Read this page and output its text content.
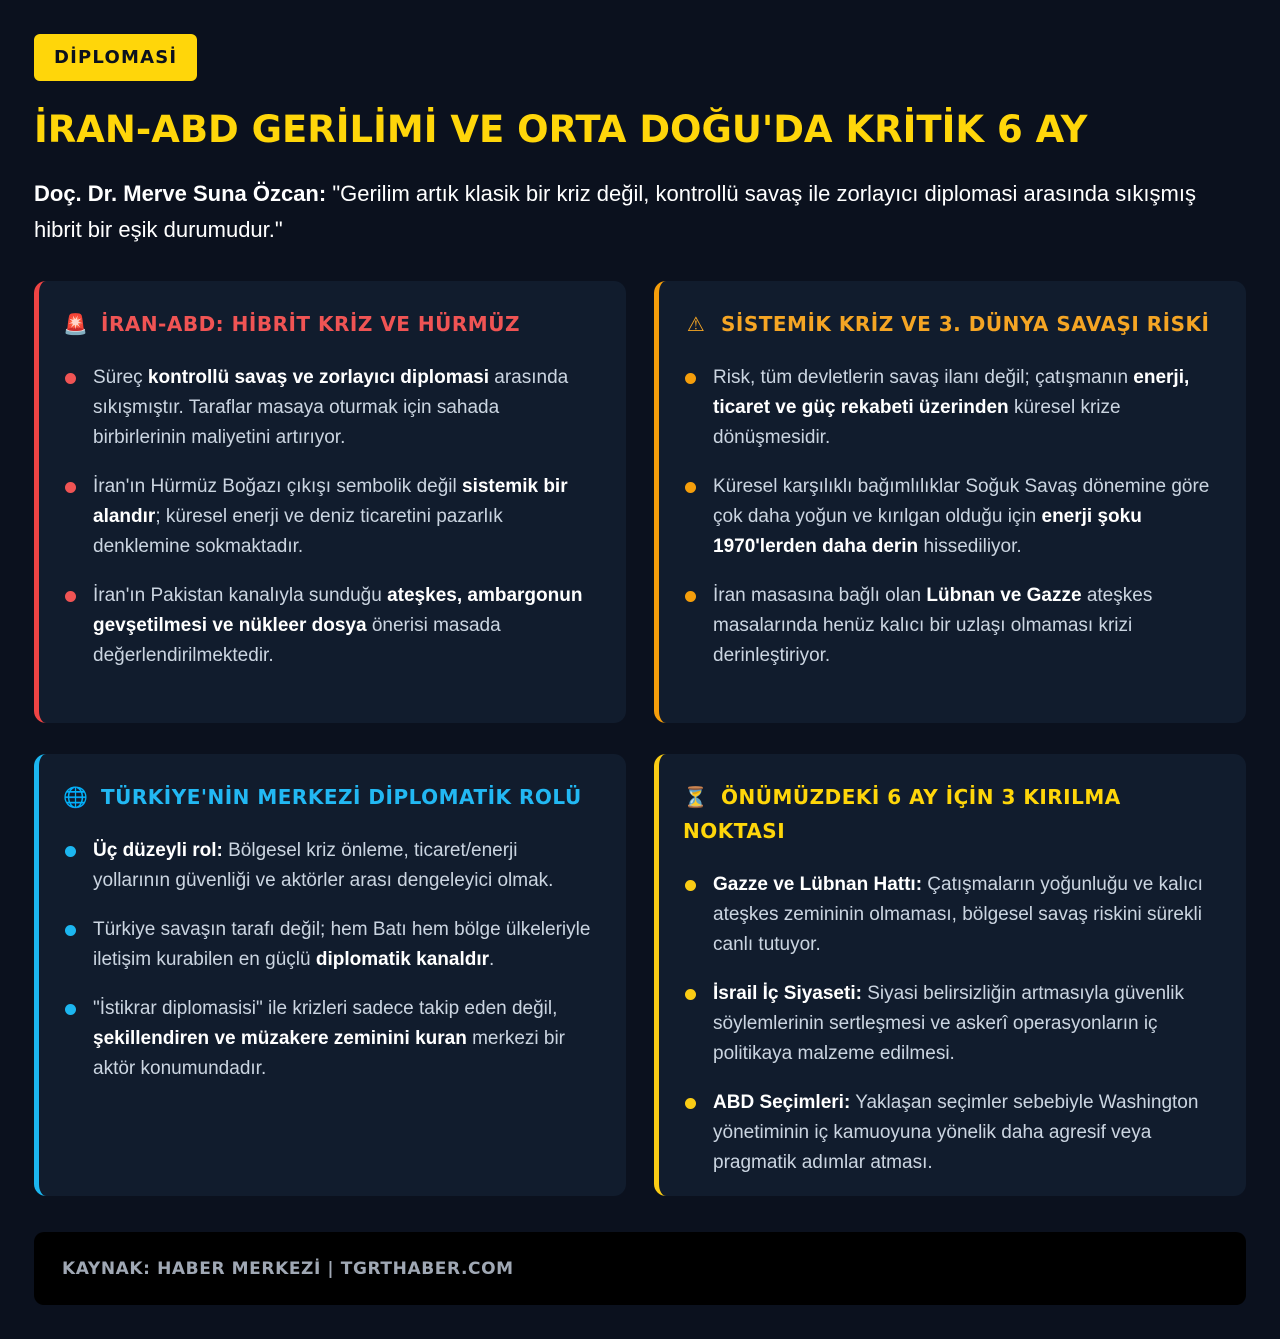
DİPLOMASİ
İRAN-ABD GERİLİMİ VE ORTA DOĞU'DA KRİTİK 6 AY

Doç. Dr. Merve Suna Özcan: "Gerilim artık klasik bir kriz değil, kontrollü savaş ile zorlayıcı diplomasi arasında sıkışmış hibrit bir eşik durumudur."

🚨 İRAN-ABD: HİBRİT KRİZ VE HÜRMÜZ
Süreç kontrollü savaş ve zorlayıcı diplomasi arasında sıkışmıştır. Taraflar masaya oturmak için sahada birbirlerinin maliyetini artırıyor.
İran'ın Hürmüz Boğazı çıkışı sembolik değil sistemik bir alandır; küresel enerji ve deniz ticaretini pazarlık denklemine sokmaktadır.
İran'ın Pakistan kanalıyla sunduğu ateşkes, ambargonun gevşetilmesi ve nükleer dosya önerisi masada değerlendirilmektedir.
⚠ SİSTEMİK KRİZ VE 3. DÜNYA SAVAŞI RİSKİ
Risk, tüm devletlerin savaş ilanı değil; çatışmanın enerji, ticaret ve güç rekabeti üzerinden küresel krize dönüşmesidir.
Küresel karşılıklı bağımlılıklar Soğuk Savaş dönemine göre çok daha yoğun ve kırılgan olduğu için enerji şoku 1970'lerden daha derin hissediliyor.
İran masasına bağlı olan Lübnan ve Gazze ateşkes masalarında henüz kalıcı bir uzlaşı olmaması krizi derinleştiriyor.
🌐 TÜRKİYE'NİN MERKEZİ DİPLOMATİK ROLÜ
Üç düzeyli rol: Bölgesel kriz önleme, ticaret/enerji yollarının güvenliği ve aktörler arası dengeleyici olmak.
Türkiye savaşın tarafı değil; hem Batı hem bölge ülkeleriyle iletişim kurabilen en güçlü diplomatik kanaldır.
"İstikrar diplomasisi" ile krizleri sadece takip eden değil, şekillendiren ve müzakere zeminini kuran merkezi bir aktör konumundadır.
⏳ ÖNÜMÜZDEKİ 6 AY İÇİN 3 KIRILMA NOKTASI
Gazze ve Lübnan Hattı: Çatışmaların yoğunluğu ve kalıcı ateşkes zemininin olmaması, bölgesel savaş riskini sürekli canlı tutuyor.
İsrail İç Siyaseti: Siyasi belirsizliğin artmasıyla güvenlik söylemlerinin sertleşmesi ve askerî operasyonların iç politikaya malzeme edilmesi.
ABD Seçimleri: Yaklaşan seçimler sebebiyle Washington yönetiminin iç kamuoyuna yönelik daha agresif veya pragmatik adımlar atması.
KAYNAK: HABER MERKEZİ | TGRTHABER.COM
